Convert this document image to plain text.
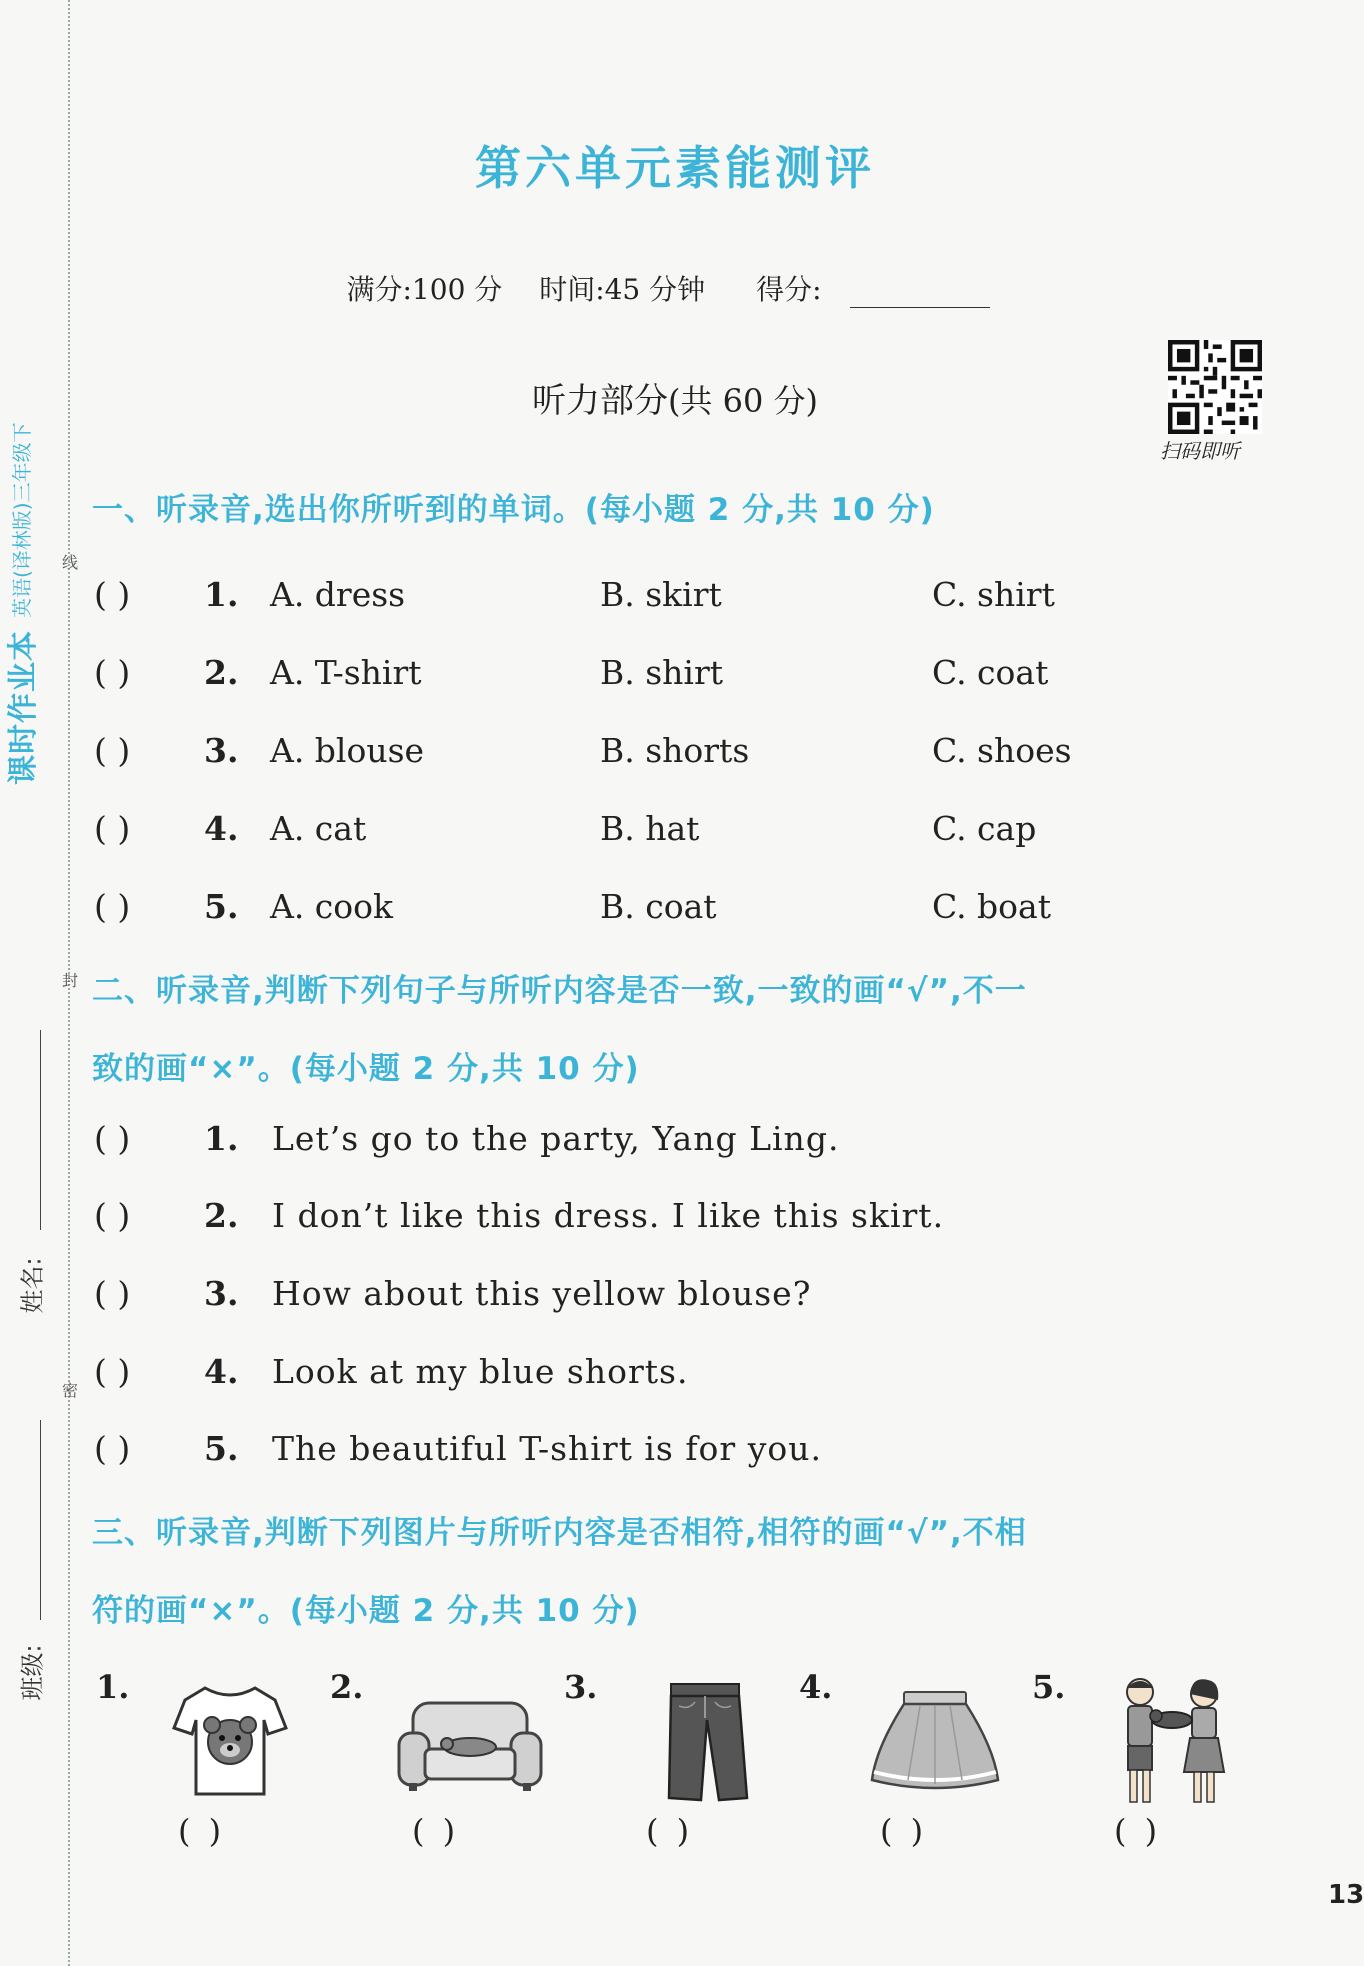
课时作业本
英语(译林版)三年级下 线
封
密
姓名:
班级:
第六单元素能测评
满分:100 分 时间:45 分钟 得分:
听力部分(共 60 分)
扫码即听
一、听录音,选出你所听到的单词。(每小题 2 分,共 10 分)
( ) 1. A. dress	B. skirt	C. shirt
( ) 2. A. T-shirt	B. shirt	C. coat
( ) 3. A. blouse	B. shorts	C. shoes
( ) 4. A. cat	B. hat	C. cap
( ) 5. A. cook	B. coat	C. boat
二、听录音,判断下列句子与所听内容是否一致,一致的画“√”,不一
致的画“×”。(每小题 2 分,共 10 分)
( ) 1. Let’s go to the party, Yang Ling.
( ) 2. I don’t like this dress. I like this skirt.
( ) 3. How about this yellow blouse?
( ) 4. Look at my blue shorts.
( ) 5. The beautiful T-shirt is for you.
三、听录音,判断下列图片与所听内容是否相符,相符的画“√”,不相
符的画“×”。(每小题 2 分,共 10 分)
1.
( )
2.
( )
3.
( )
4.
( )
5.
( )
13
